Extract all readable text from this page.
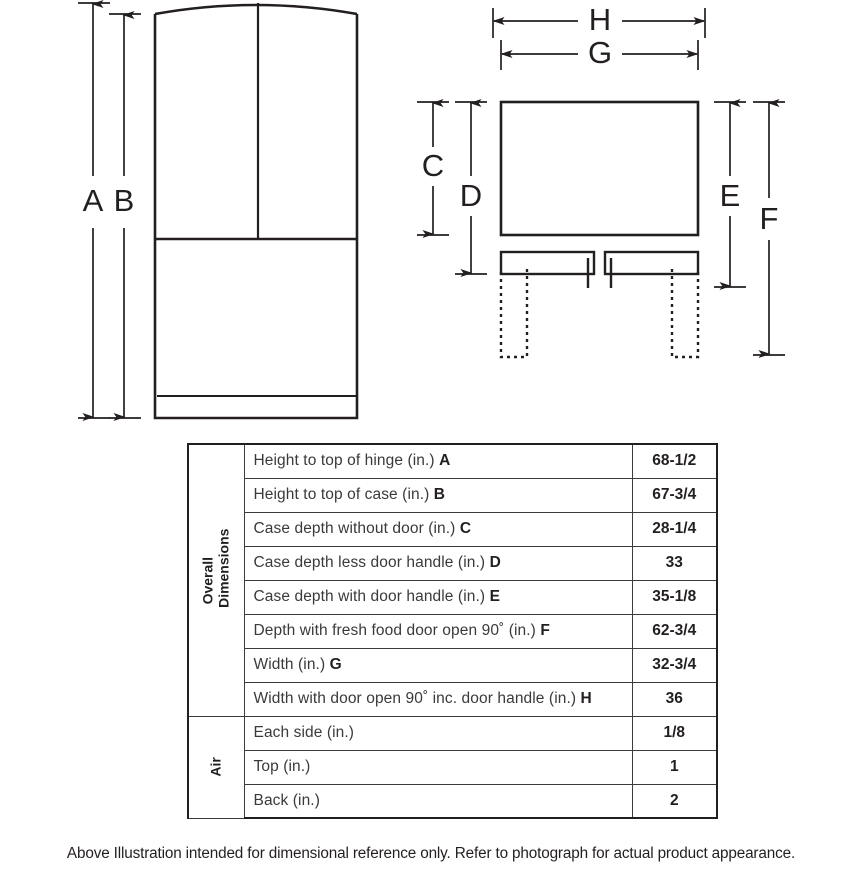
A B
C
D	E
F
H
G
Overall Dimensions	Height to top of hinge (in.) A	68-1/2
	Height to top of case (in.) B	67-3/4
	Case depth without door (in.) C	28-1/4
	Case depth less door handle (in.) D	33
	Case depth with door handle (in.) E	35-1/8
	Depth with fresh food door open 90˚ (in.) F	62-3/4
	Width (in.) G	32-3/4
	Width with door open 90˚ inc. door handle (in.) H	36

Air	Each side (in.)	1/8
	Top (in.)	1
	Back (in.)	2
Above Illustration intended for dimensional reference only. Refer to photograph for actual product appearance.
